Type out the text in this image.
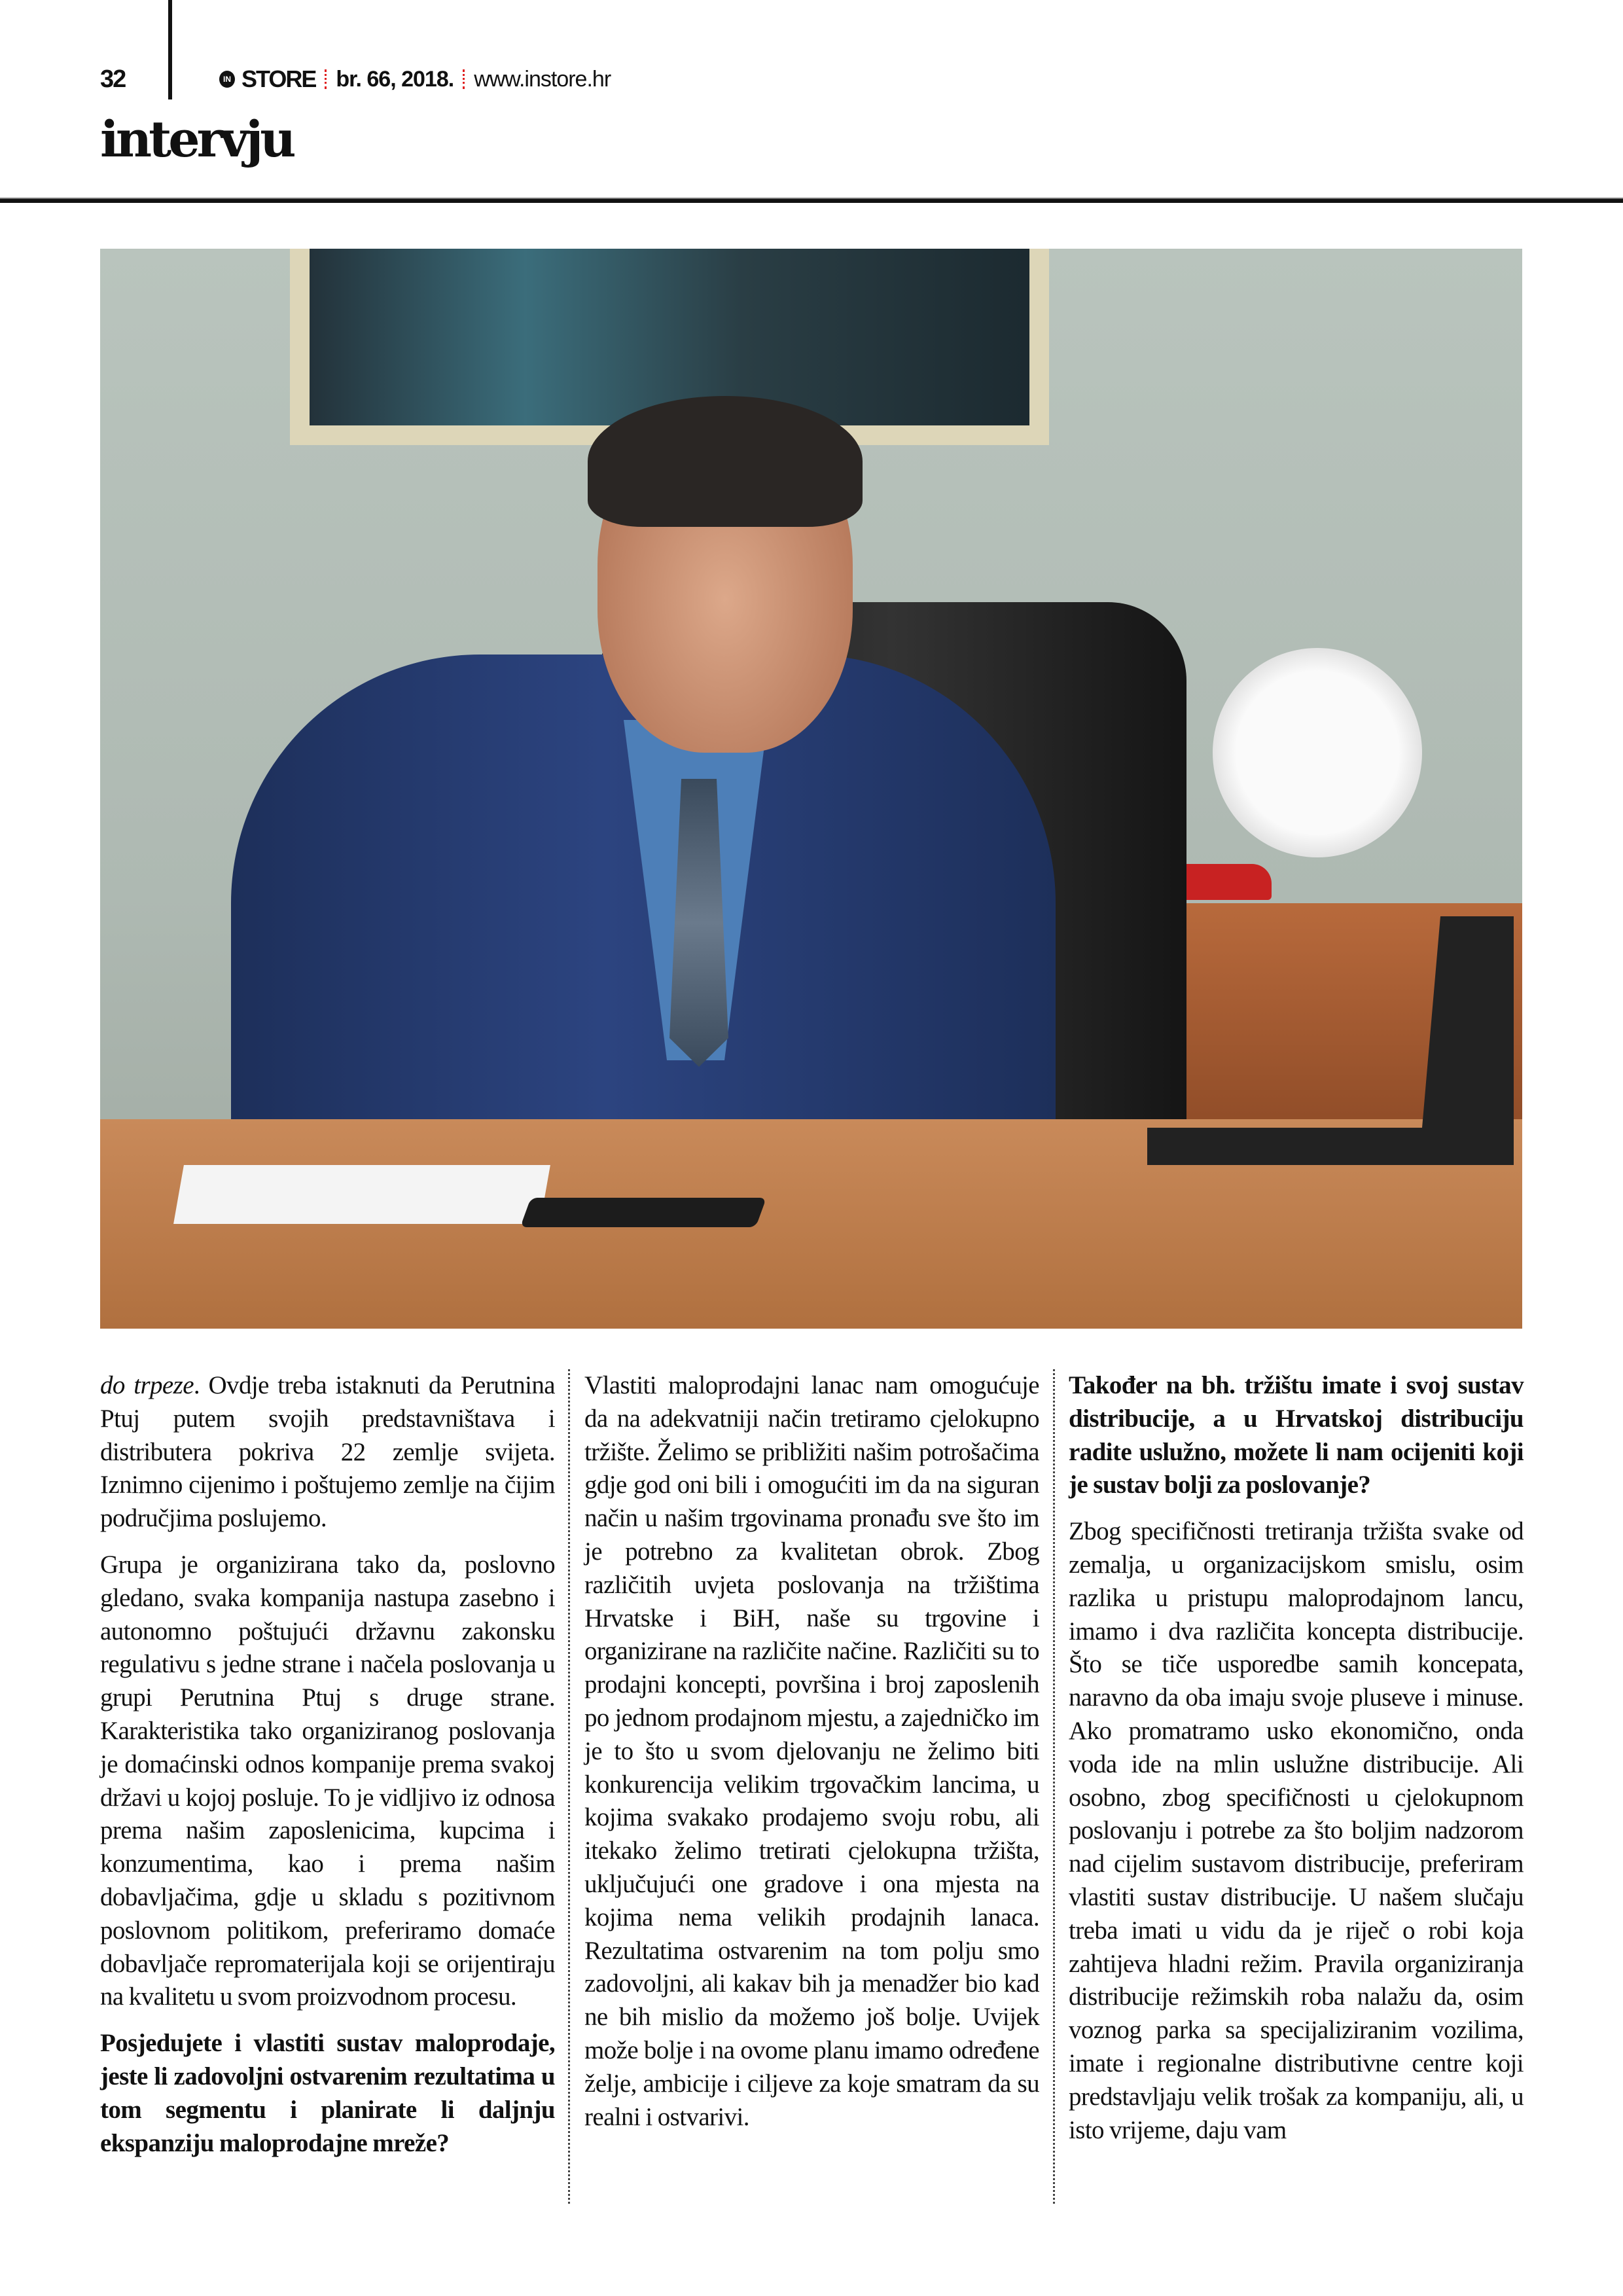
32	IN STORE br. 66, 2018. www.instore.hr
intervju

do trpeze. Ovdje treba istaknuti da Perutnina Ptuj putem svojih predstavništava i distributera pokriva 22 zemlje svijeta. Iznimno cijenimo i poštujemo zemlje na čijim područjima poslujemo.

Grupa je organizirana tako da, poslovno gledano, svaka kompanija nastupa zasebno i autonomno poštujući državnu zakonsku regulativu s jedne strane i načela poslovanja u grupi Perutnina Ptuj s druge strane. Karakteristika tako organiziranog poslovanja je domaćinski odnos kompanije prema svakoj državi u kojoj posluje. To je vidljivo iz odnosa prema našim zaposlenicima, kupcima i konzumentima, kao i prema našim dobavljačima, gdje u skladu s pozitivnom poslovnom politikom, preferiramo domaće dobavljače repromaterijala koji se orijentiraju na kvalitetu u svom proizvodnom procesu.

Posjedujete i vlastiti sustav maloprodaje, jeste li zadovoljni ostvarenim rezultatima u tom segmentu i planirate li daljnju ekspanziju maloprodajne mreže?

Vlastiti maloprodajni lanac nam omogućuje da na adekvatniji način tretiramo cjelokupno tržište. Želimo se približiti našim potrošačima gdje god oni bili i omogućiti im da na siguran način u našim trgovinama pronađu sve što im je potrebno za kvalitetan obrok. Zbog različitih uvjeta poslovanja na tržištima Hrvatske i BiH, naše su trgovine i organizirane na različite načine. Različiti su to prodajni koncepti, površina i broj zaposlenih po jednom prodajnom mjestu, a zajedničko im je to što u svom djelovanju ne želimo biti konkurencija velikim trgovačkim lancima, u kojima svakako prodajemo svoju robu, ali itekako želimo tretirati cjelokupna tržišta, uključujući one gradove i ona mjesta na kojima nema velikih prodajnih lanaca. Rezultatima ostvarenim na tom polju smo zadovoljni, ali kakav bih ja menadžer bio kad ne bih mislio da možemo još bolje. Uvijek može bolje i na ovome planu imamo određene želje, ambicije i ciljeve za koje smatram da su realni i ostvarivi.

Također na bh. tržištu imate i svoj sustav distribucije, a u Hrvatskoj distribuciju radite uslužno, možete li nam ocijeniti koji je sustav bolji za poslovanje?

Zbog specifičnosti tretiranja tržišta svake od zemalja, u organizacijskom smislu, osim razlika u pristupu maloprodajnom lancu, imamo i dva različita koncepta distribucije. Što se tiče usporedbe samih koncepata, naravno da oba imaju svoje pluseve i minuse. Ako promatramo usko ekonomično, onda voda ide na mlin uslužne distribucije. Ali osobno, zbog specifičnosti u cjelokupnom poslovanju i potrebe za što boljim nadzorom nad cijelim sustavom distribucije, preferiram vlastiti sustav distribucije. U našem slučaju treba imati u vidu da je riječ o robi koja zahtijeva hladni režim. Pravila organiziranja distribucije režimskih roba nalažu da, osim voznog parka sa specijaliziranim vozilima, imate i regionalne distributivne centre koji predstavljaju velik trošak za kompaniju, ali, u isto vrijeme, daju vam
